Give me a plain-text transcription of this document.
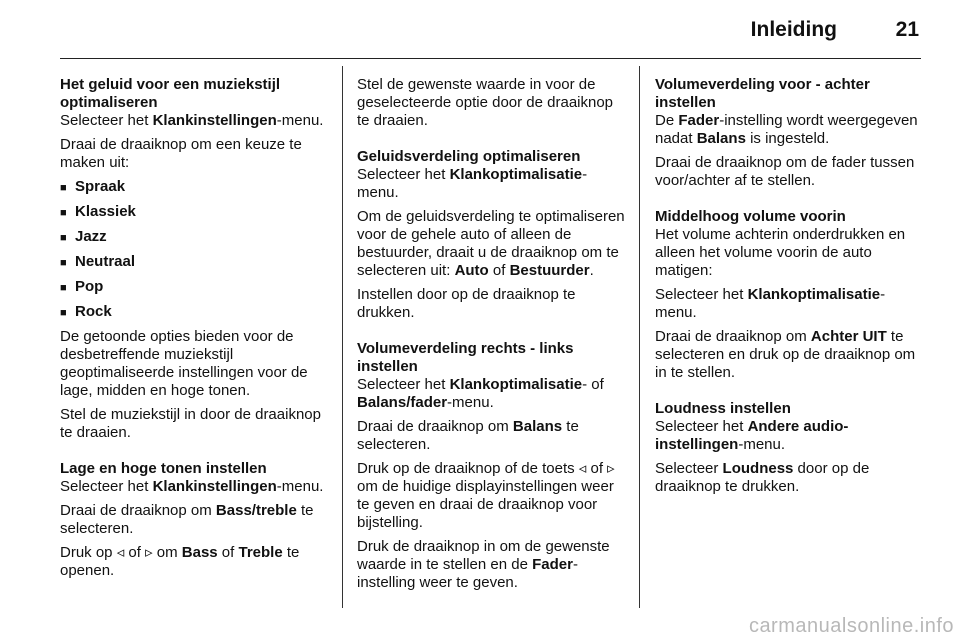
Inleiding	21

Het geluid voor een muziekstijl optimaliseren

Selecteer het Klankinstellingen-menu.

Draai de draaiknop om een keuze te maken uit:

■ Spraak
■ Klassiek
■ Jazz
■ Neutraal
■ Pop
■ Rock

De getoonde opties bieden voor de desbetreffende muziekstijl geoptimaliseerde instellingen voor de lage, midden en hoge tonen.

Stel de muziekstijl in door de draaiknop te draaien.

Lage en hoge tonen instellen

Selecteer het Klankinstellingen-menu.

Draai de draaiknop om Bass/treble te selecteren.

Druk op ◃ of ▹ om Bass of Treble te openen.

Stel de gewenste waarde in voor de geselecteerde optie door de draaiknop te draaien.

Geluidsverdeling optimaliseren

Selecteer het Klankoptimalisatie-menu.

Om de geluidsverdeling te optimaliseren voor de gehele auto of alleen de bestuurder, draait u de draaiknop om te selecteren uit: Auto of Bestuurder.

Instellen door op de draaiknop te drukken.

Volumeverdeling rechts - links instellen

Selecteer het Klankoptimalisatie- of Balans/fader-menu.

Draai de draaiknop om Balans te selecteren.

Druk op de draaiknop of de toets ◃ of ▹ om de huidige displayinstellingen weer te geven en draai de draaiknop voor bijstelling.

Druk de draaiknop in om de gewenste waarde in te stellen en de Fader-instelling weer te geven.

Volumeverdeling voor - achter instellen

De Fader-instelling wordt weergegeven nadat Balans is ingesteld.

Draai de draaiknop om de fader tussen voor/achter af te stellen.

Middelhoog volume voorin

Het volume achterin onderdrukken en alleen het volume voorin de auto matigen:

Selecteer het Klankoptimalisatie-menu.

Draai de draaiknop om Achter UIT te selecteren en druk op de draaiknop om in te stellen.

Loudness instellen

Selecteer het Andere audio-instellingen-menu.

Selecteer Loudness door op de draaiknop te drukken.

carmanualsonline.info
